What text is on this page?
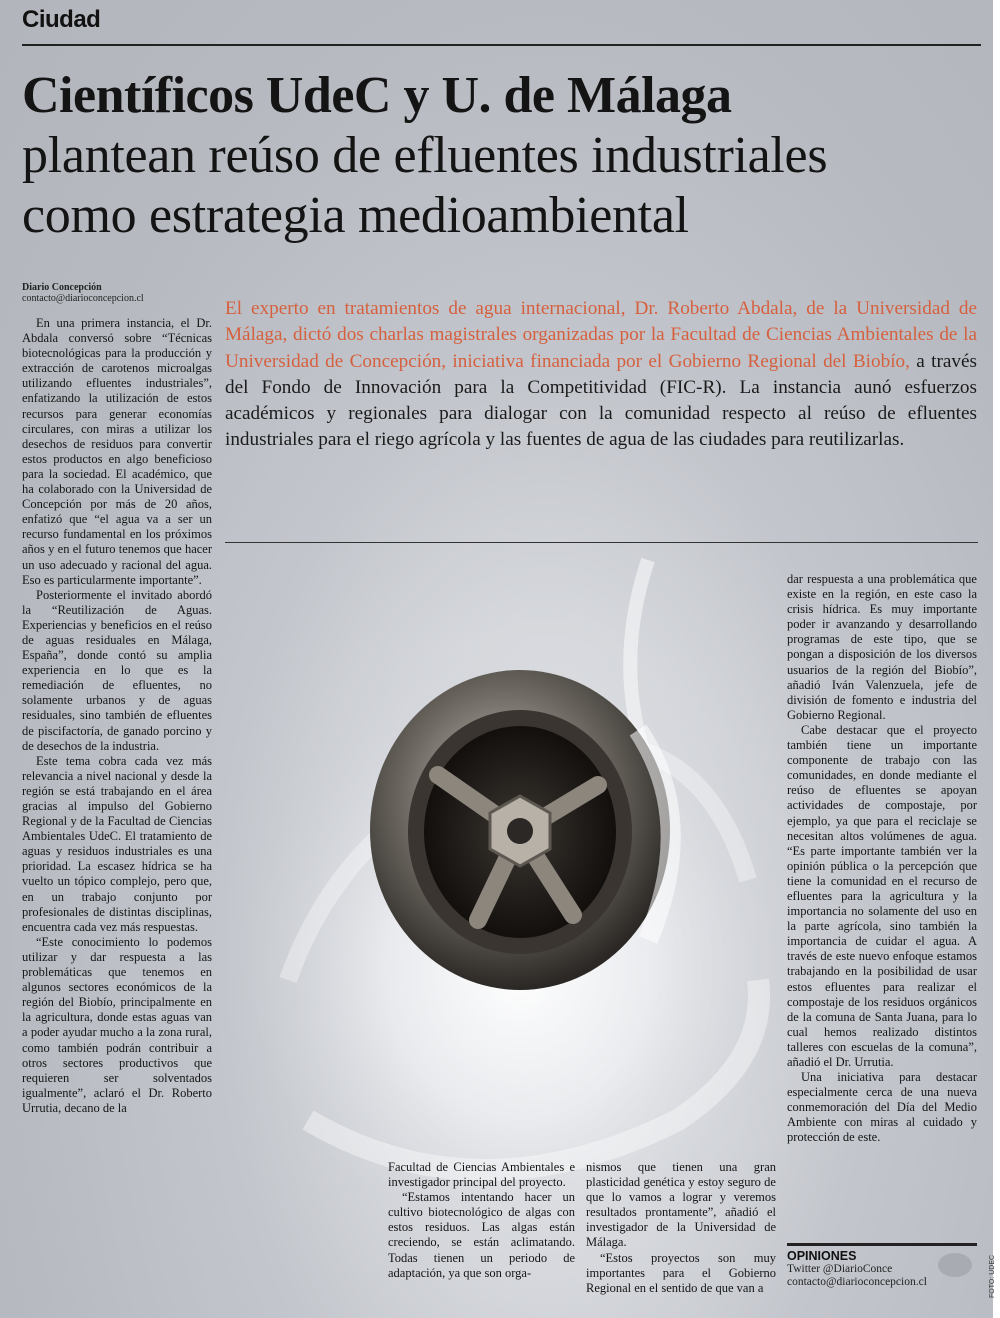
Ciudad
Científicos UdeC y U. de Málaga
plantean reúso de efluentes industriales
como estrategia medioambiental
Diario Concepción
contacto@diarioconcepcion.cl	El experto en tratamientos de agua internacional, Dr. Roberto Abdala, de la Universidad de Málaga, dictó dos charlas magistrales organizadas por la Facultad de Ciencias Ambientales de la Universidad de Concepción, iniciativa financiada por el Gobierno Regional del Biobío, a través del Fondo de Innovación para la Competitividad (FIC-R). La instancia aunó esfuerzos académicos y regionales para dialogar con la comunidad respecto al reúso de efluentes industriales para el riego agrícola y las fuentes de agua de las ciudades para reutilizarlas.

En una primera instancia, el Dr. Abdala conversó sobre “Técnicas biotecnológicas para la producción y extracción de carotenos microalgas utilizando efluentes industriales”, enfatizando la utilización de estos recursos para generar economías circulares, con miras a utilizar los desechos de residuos para convertir estos productos en algo beneficioso para la sociedad. El académico, que ha colaborado con la Universidad de Concepción por más de 20 años, enfatizó que “el agua va a ser un recurso fundamental en los próximos años y en el futuro tenemos que hacer un uso adecuado y racional del agua. Eso es particularmente importante”.

Posteriormente el invitado abordó la “Reutilización de Aguas. Experiencias y beneficios en el reúso de aguas residuales en Málaga, España”, donde contó su amplia experiencia en lo que es la remediación de efluentes, no solamente urbanos y de aguas residuales, sino también de efluentes de piscifactoría, de ganado porcino y de desechos de la industria.

Este tema cobra cada vez más relevancia a nivel nacional y desde la región se está trabajando en el área gracias al impulso del Gobierno Regional y de la Facultad de Ciencias Ambientales UdeC. El tratamiento de aguas y residuos industriales es una prioridad. La escasez hídrica se ha vuelto un tópico complejo, pero que, en un trabajo conjunto por profesionales de distintas disciplinas, encuentra cada vez más respuestas.

“Este conocimiento lo podemos utilizar y dar respuesta a las problemáticas que tenemos en algunos sectores económicos de la región del Biobío, principalmente en la agricultura, donde estas aguas van a poder ayudar mucho a la zona rural, como también podrán contribuir a otros sectores productivos que requieren ser solventados igualmente”, aclaró el Dr. Roberto Urrutia, decano de la

Facultad de Ciencias Ambientales e investigador principal del proyecto.

“Estamos intentando hacer un cultivo biotecnológico de algas con estos residuos. Las algas están creciendo, se están aclimatando. Todas tienen un periodo de adaptación, ya que son orga-

nismos que tienen una gran plasticidad genética y estoy seguro de que lo vamos a lograr y veremos resultados prontamente”, añadió el investigador de la Universidad de Málaga.

“Estos proyectos son muy importantes para el Gobierno Regional en el sentido de que van a

dar respuesta a una problemática que existe en la región, en este caso la crisis hídrica. Es muy importante poder ir avanzando y desarrollando programas de este tipo, que se pongan a disposición de los diversos usuarios de la región del Biobío”, añadió Iván Valenzuela, jefe de división de fomento e industria del Gobierno Regional.

Cabe destacar que el proyecto también tiene un importante componente de trabajo con las comunidades, en donde mediante el reúso de efluentes se apoyan actividades de compostaje, por ejemplo, ya que para el reciclaje se necesitan altos volúmenes de agua. “Es parte importante también ver la opinión pública o la percepción que tiene la comunidad en el recurso de efluentes para la agricultura y la importancia no solamente del uso en la parte agrícola, sino también la importancia de cuidar el agua. A través de este nuevo enfoque estamos trabajando en la posibilidad de usar estos efluentes para realizar el compostaje de los residuos orgánicos de la comuna de Santa Juana, para lo cual hemos realizado distintos talleres con escuelas de la comuna”, añadió el Dr. Urrutia.

Una iniciativa para destacar especialmente cerca de una nueva conmemoración del Día del Medio Ambiente con miras al cuidado y protección de este.

OPINIONES
Twitter @DiarioConce
contacto@diarioconcepcion.cl	FOTO: UDEC
